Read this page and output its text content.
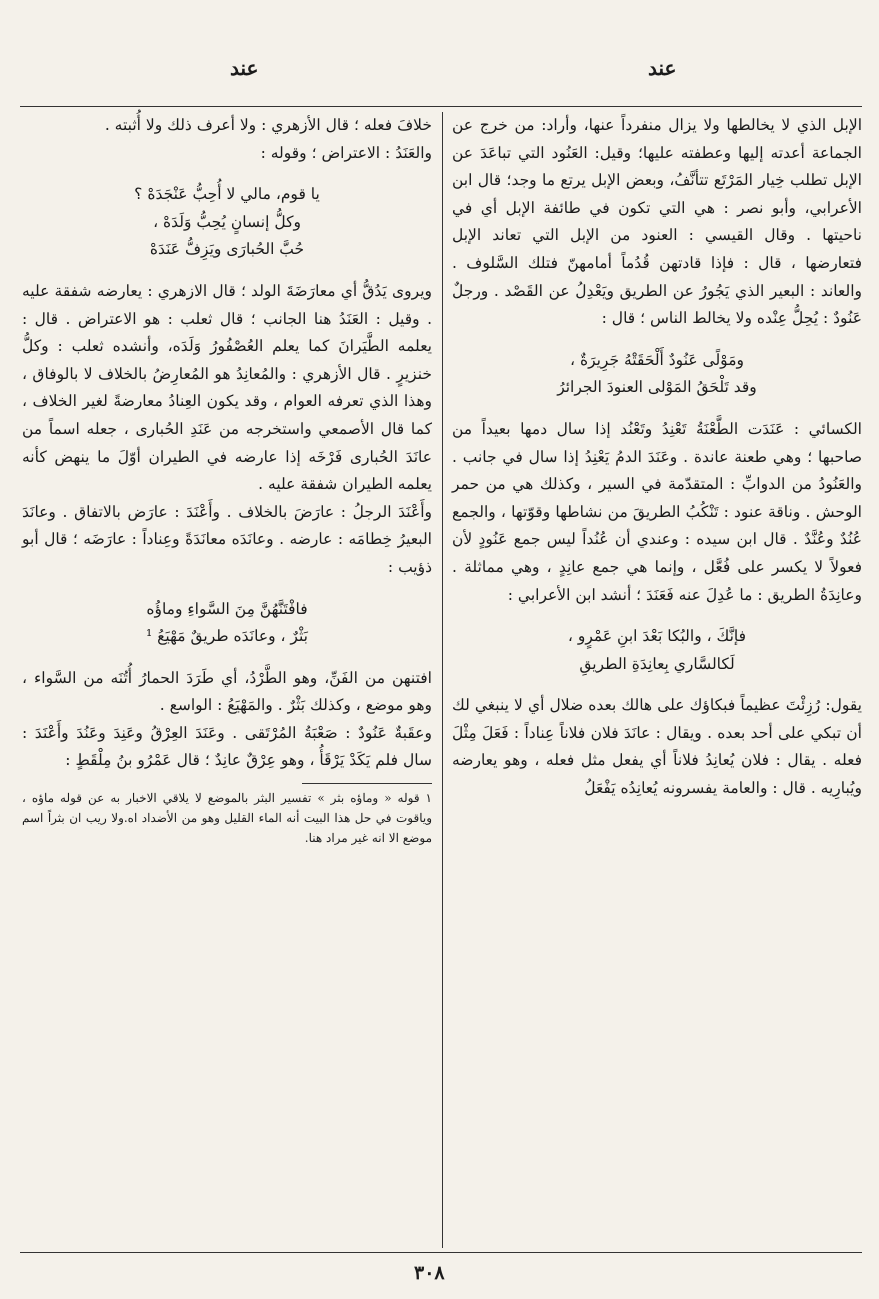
عند
عند

الإبل الذي لا يخالطها ولا يزال منفرداً عنها، وأراد: من خرج عن الجماعة أعدته إليها وعطفته عليها؛ وقيل: العَنُود التي تباعَدَ عن الإبل تطلب خِيار المَرْتَع تتأنَّفُ، وبعض الإبل يرتع ما وجد؛ قال ابن الأعرابي، وأبو نصر : هي التي تكون في طائفة الإبل أي في ناحيتها . وقال القيسي : العنود من الإبل التي تعاند الإبل فتعارضها ، قال : فإذا قادتهن قُدُماً أمامهنّ فتلك السَّلوف . والعاند : البعير الذي يَجُورُ عن الطريق ويَعْدِلُ عن القَصْد . ورجلٌ عَنُودٌ : يُحِلُّ عِنْده ولا يخالط الناس ؛ قال :

ومَوْلًى عَنُودٌ أَلْحَقَتْهُ جَرِيرَةٌ ،

وقد تَلْحَقُ المَوْلى العنودَ الجرائرُ

الكسائي : عَنَدَت الطَّعْنَةُ تَعْنِدُ وتَعْنُد إذا سال دمها بعيداً من صاحبها ؛ وهي طعنة عاندة . وعَنَدَ الدمُ يَعْنِدُ إذا سال في جانب . والعَنُودُ من الدوابِّ : المتقدّمة في السير ، وكذلك هي من حمر الوحش . وناقة عنود : تَنْكُبُ الطريقَ من نشاطها وقوّتها ، والجمع عُنُدٌ وعُنَّدٌ . قال ابن سيده : وعندي أن عُنُداً ليس جمع عَنُودٍ لأن فعولاً لا يكسر على فُعَّل ، وإنما هي جمع عانِدٍ ، وهي مماثلة . وعانِدَةُ الطريق : ما عُدِلَ عنه فَعَنَدَ ؛ أنشد ابن الأعرابي :

فإنَّكَ ، والبُكا بَعْدَ ابنِ عَمْرٍو ،

لَكالسَّاري بِعانِدَةِ الطريقِ

يقول: رُزِئْتَ عظيماً فبكاؤك على هالك بعده ضلال أي لا ينبغي لك أن تبكي على أحد بعده . ويقال : عانَدَ فلان فلاناً عِناداً : فَعَلَ مِثْلَ فعله . يقال : فلان يُعانِدُ فلاناً أي يفعل مثل فعله ، وهو يعارضه ويُبارِيه . قال : والعامة يفسرونه يُعانِدُه يَفْعَلُ

خلافَ فعله ؛ قال الأزهري : ولا أعرف ذلك ولا أُثبته .

والعَنَدُ : الاعتراض ؛ وقوله :

يا قوم، مالي لا أُحِبُّ عَنْجَدَهْ ؟

وكلُّ إنسانٍ يُحِبُّ وَلَدَهْ ،

حُبَّ الحُبارَى ويَزِفُّ عَنَدَهْ

ويروى يَدُقُّ أي معارَضَةَ الولد ؛ قال الازهري : يعارضه شفقة عليه . وقيل : العَنَدُ هنا الجانب ؛ قال ثعلب : هو الاعتراض . قال : يعلمه الطَّيَرانَ كما يعلم العُصْفُورُ وَلَدَه، وأنشده ثعلب : وكلُّ خنزيرٍ . قال الأزهري : والمُعانِدُ هو المُعارِضُ بالخلاف لا بالوفاق ، وهذا الذي تعرفه العوام ، وقد يكون العِنادُ معارضةً لغير الخلاف ، كما قال الأصمعي واستخرجه من عَنَدِ الحُبارى ، جعله اسماً من عانَدَ الحُبارى فَرْخَه إذا عارضه في الطيران أوّلَ ما ينهض كأنه يعلمه الطيران شفقة عليه .

وأَعْنَدَ الرجلُ : عارَضَ بالخلاف . وأَعْنَدَ : عارَض بالاتفاق . وعانَدَ البعيرُ خِطامَه : عارضه . وعانَدَه معانَدَةً وعِناداً : عارَضَه ؛ قال أبو ذؤيب :

فافْتَنَّهُنَّ مِنَ السَّواءِ وماؤُه

بَثْرٌ ، وعانَدَه طريقٌ مَهْيَعُ ¹

افتنهن من الفَنِّ، وهو الطَّرْدُ، أي طَرَدَ الحمارُ أُتُنَه من السَّواء ، وهو موضع ، وكذلك بَثْرٌ . والمَهْيَعُ : الواسع .

وعقَبةٌ عَنُودٌ : صَعْبَةُ المُرْتَقى . وعَنَدَ العِرْقُ وعَنِدَ وعَنُدَ وأَعْنَدَ : سال فلم يَكَدْ يَرْقَأُ ، وهو عِرْقٌ عانِدٌ ؛ قال عَمْرُو بنُ مِلْقَطٍ :

١ قوله « وماؤه بثر » تفسير البثر بالموضع لا يلاقي الاخبار به عن قوله ماؤه ، وياقوت في حل هذا البيت أنه الماء القليل وهو من الأضداد اه.ولا ريب ان بثراً اسم موضع الا انه غير مراد هنا.

٣٠٨
